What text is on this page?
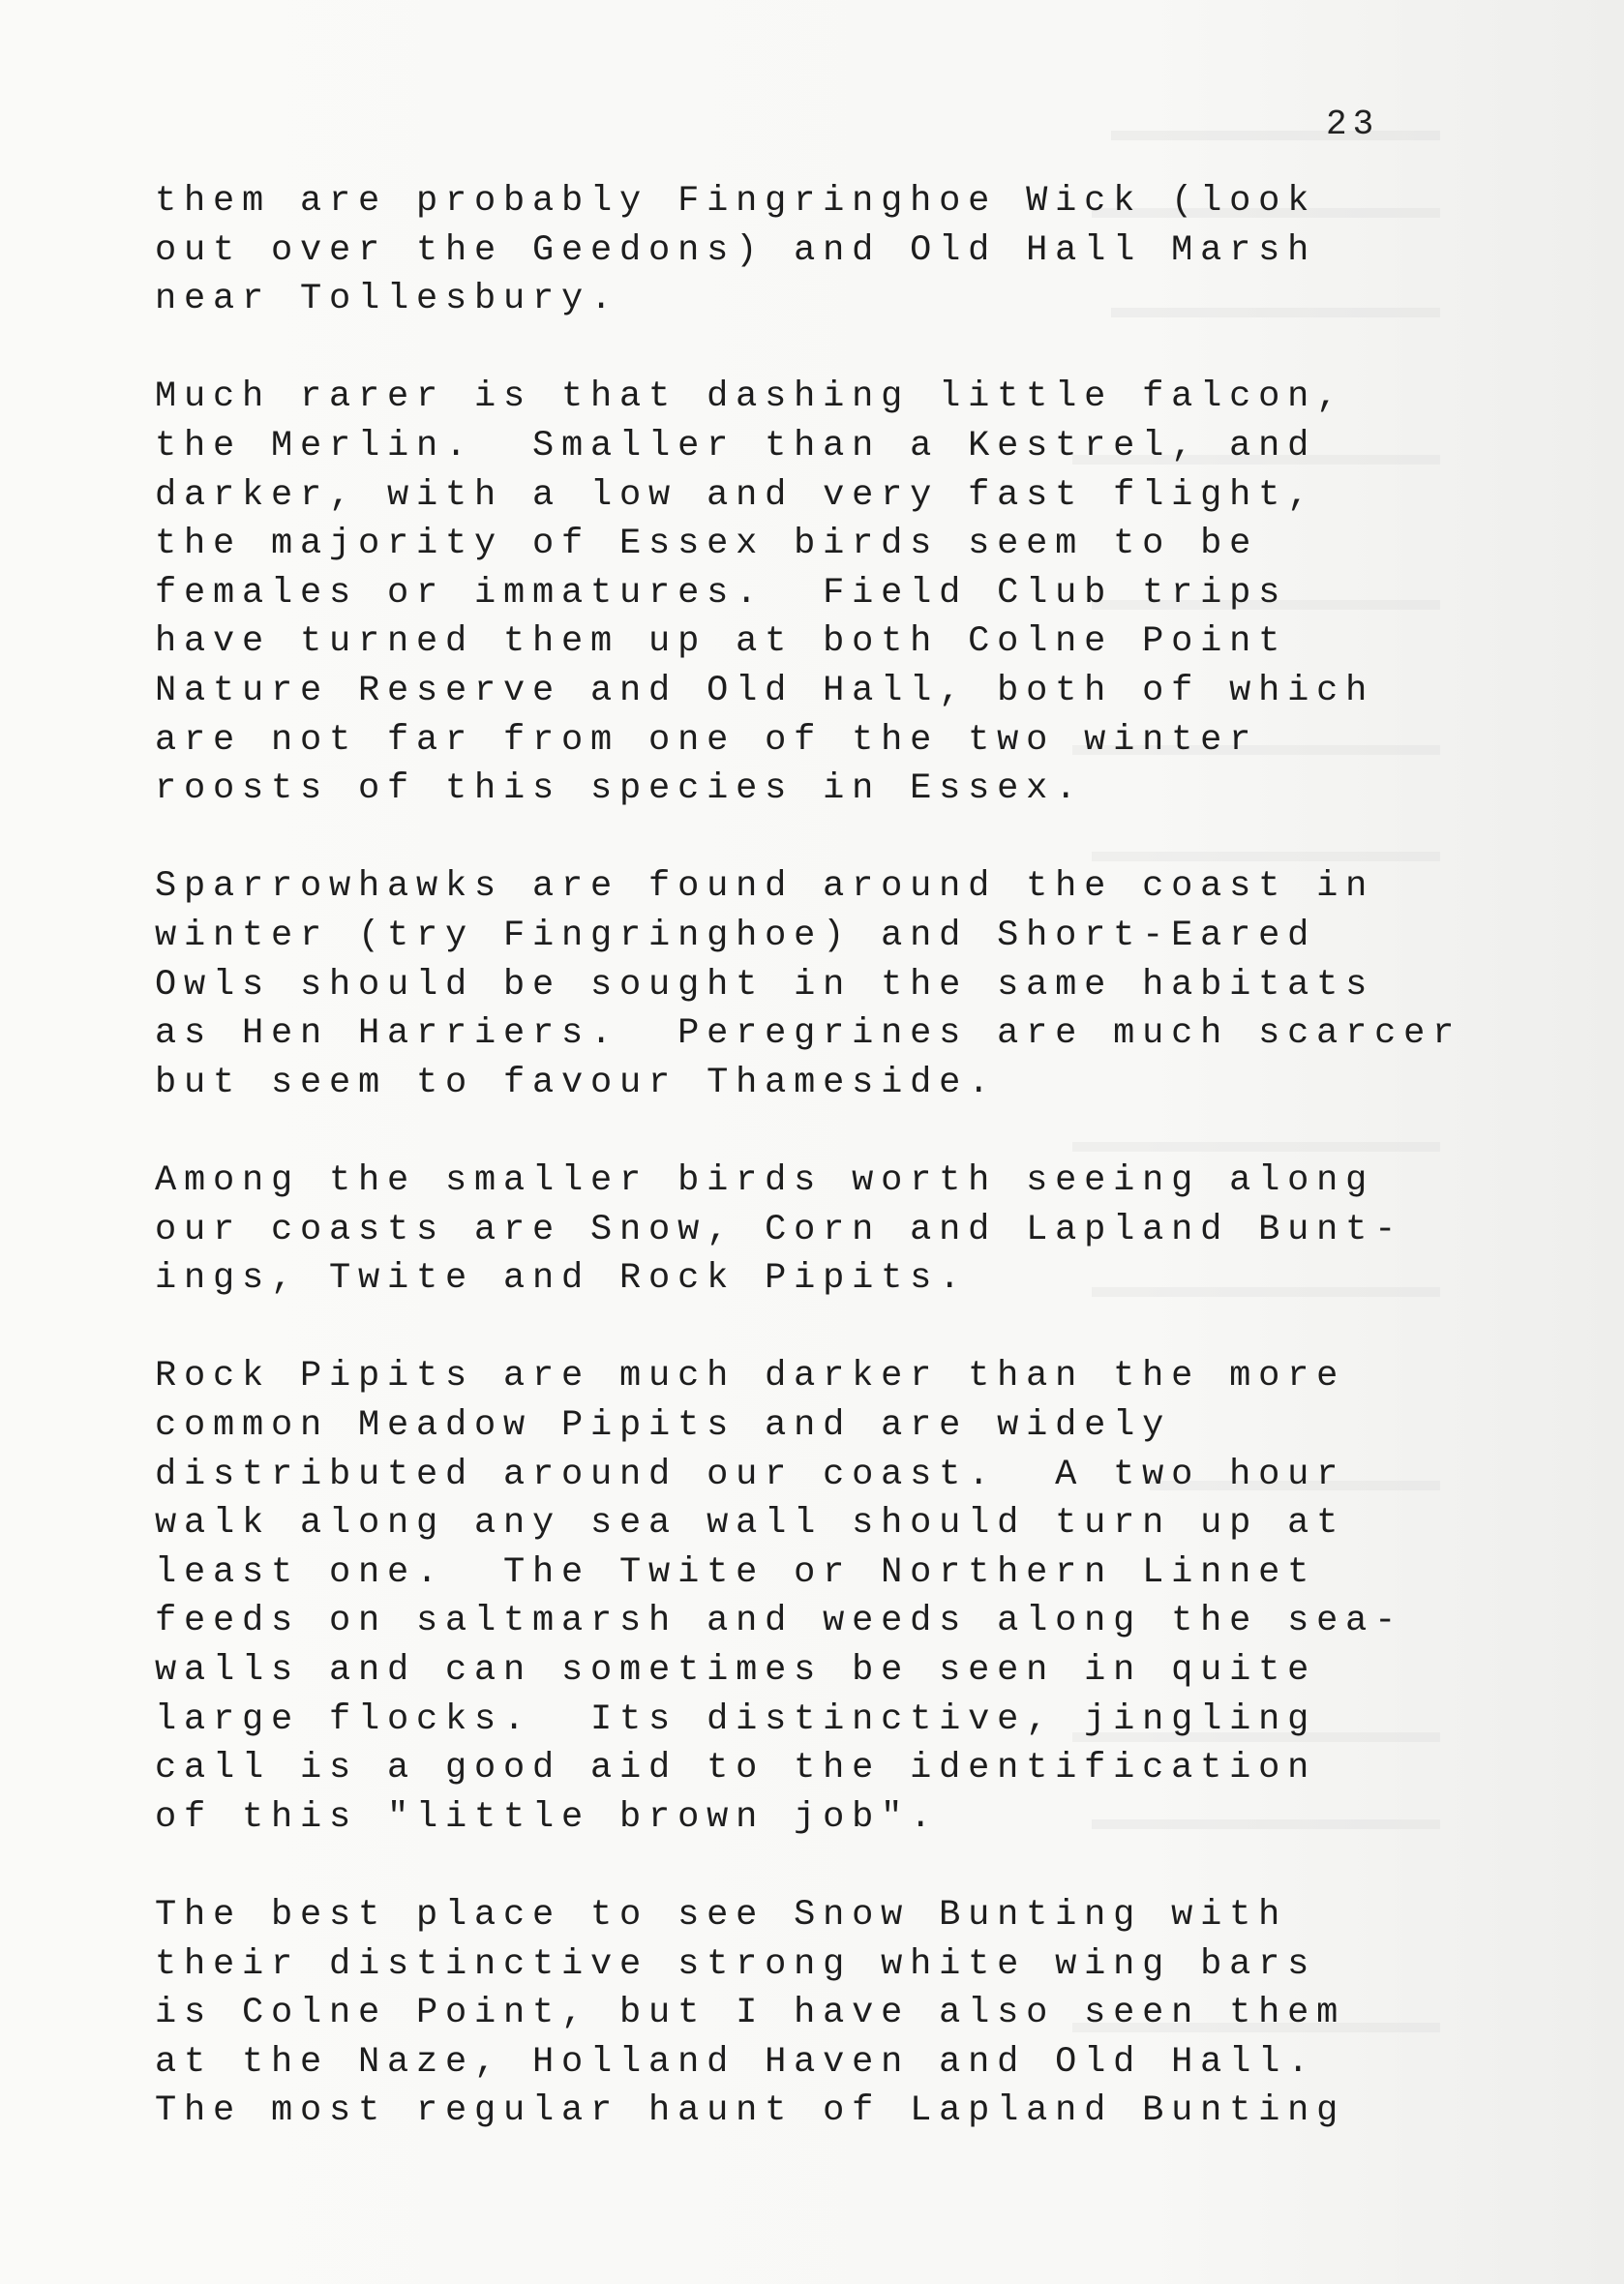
23
them are probably Fingringhoe Wick (look
out over the Geedons) and Old Hall Marsh
near Tollesbury.
Much rarer is that dashing little falcon,
the Merlin.  Smaller than a Kestrel, and
darker, with a low and very fast flight,
the majority of Essex birds seem to be
females or immatures.  Field Club trips
have turned them up at both Colne Point
Nature Reserve and Old Hall, both of which
are not far from one of the two winter
roosts of this species in Essex.
Sparrowhawks are found around the coast in
winter (try Fingringhoe) and Short-Eared
Owls should be sought in the same habitats
as Hen Harriers.  Peregrines are much scarcer
but seem to favour Thameside.
Among the smaller birds worth seeing along
our coasts are Snow, Corn and Lapland Bunt-
ings, Twite and Rock Pipits.
Rock Pipits are much darker than the more
common Meadow Pipits and are widely
distributed around our coast.  A two hour
walk along any sea wall should turn up at
least one.  The Twite or Northern Linnet
feeds on saltmarsh and weeds along the sea-
walls and can sometimes be seen in quite
large flocks.  Its distinctive, jingling
call is a good aid to the identification
of this "little brown job".
The best place to see Snow Bunting with
their distinctive strong white wing bars
is Colne Point, but I have also seen them
at the Naze, Holland Haven and Old Hall.
The most regular haunt of Lapland Bunting
